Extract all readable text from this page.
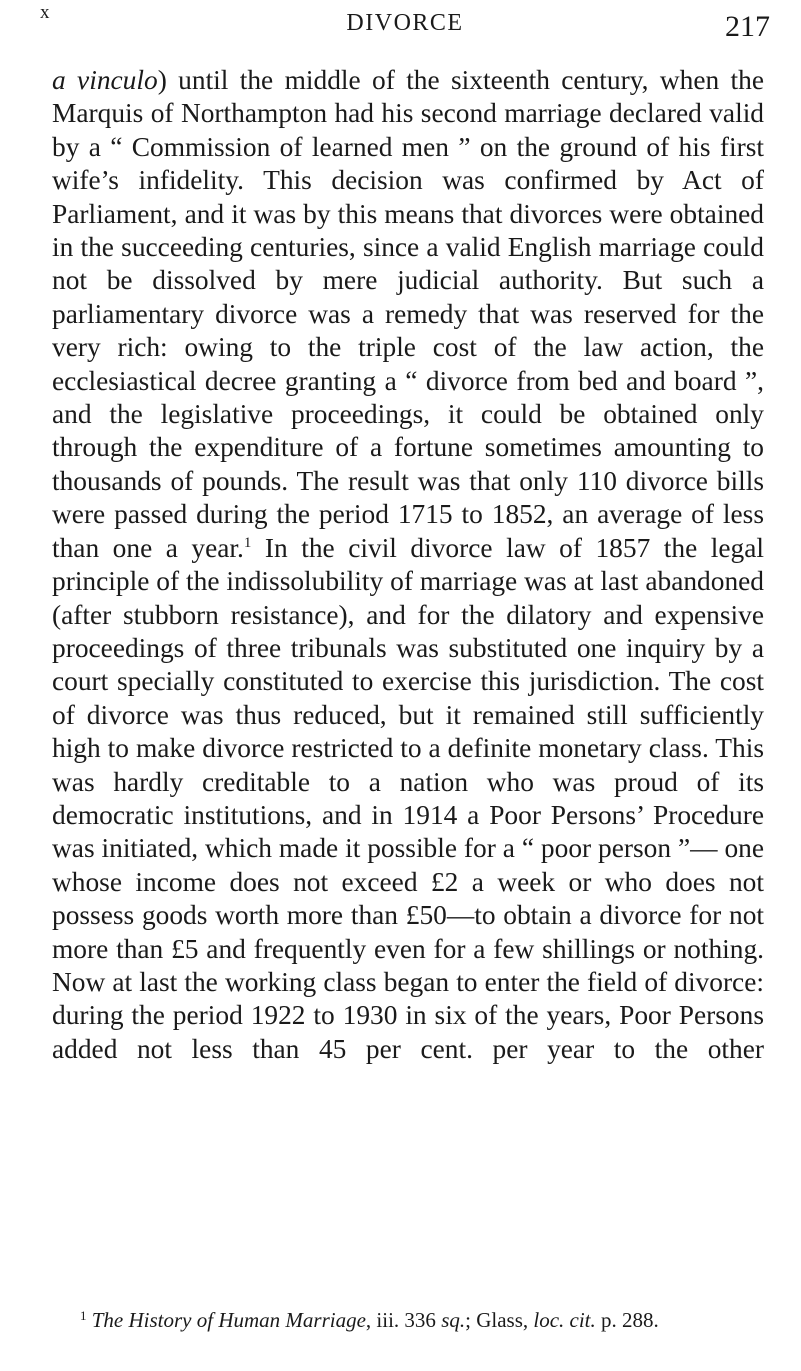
x	DIVORCE	217

a vinculo) until the middle of the sixteenth century, when the Marquis of Northampton had his second marriage declared valid by a “ Commission of learned men ” on the ground of his first wife’s infidelity. This decision was confirmed by Act of Parliament, and it was by this means that divorces were obtained in the succeeding centuries, since a valid English marriage could not be dissolved by mere judicial authority. But such a parliamentary divorce was a remedy that was reserved for the very rich: owing to the triple cost of the law action, the ecclesiastical decree granting a “ divorce from bed and board ”, and the legislative proceedings, it could be obtained only through the expenditure of a fortune sometimes amounting to thousands of pounds. The result was that only 110 divorce bills were passed during the period 1715 to 1852, an average of less than one a year.$^1$ In the civil divorce law of 1857 the legal principle of the indissolubility of marriage was at last abandoned (after stubborn resistance), and for the dilatory and expensive proceedings of three tribunals was substituted one inquiry by a court specially constituted to exercise this jurisdiction. The cost of divorce was thus reduced, but it remained still sufficiently high to make divorce restricted to a definite monetary class. This was hardly creditable to a nation who was proud of its democratic institutions, and in 1914 a Poor Persons’ Procedure was initiated, which made it possible for a “ poor person ”— one whose income does not exceed £2 a week or who does not possess goods worth more than £50—to obtain a divorce for not more than £5 and frequently even for a few shillings or nothing. Now at last the working class began to enter the field of divorce: during the period 1922 to 1930 in six of the years, Poor Persons added not less than 45 per cent. per year to the other

$^1$ The History of Human Marriage, iii. 336 sq.; Glass, loc. cit. p. 288.
